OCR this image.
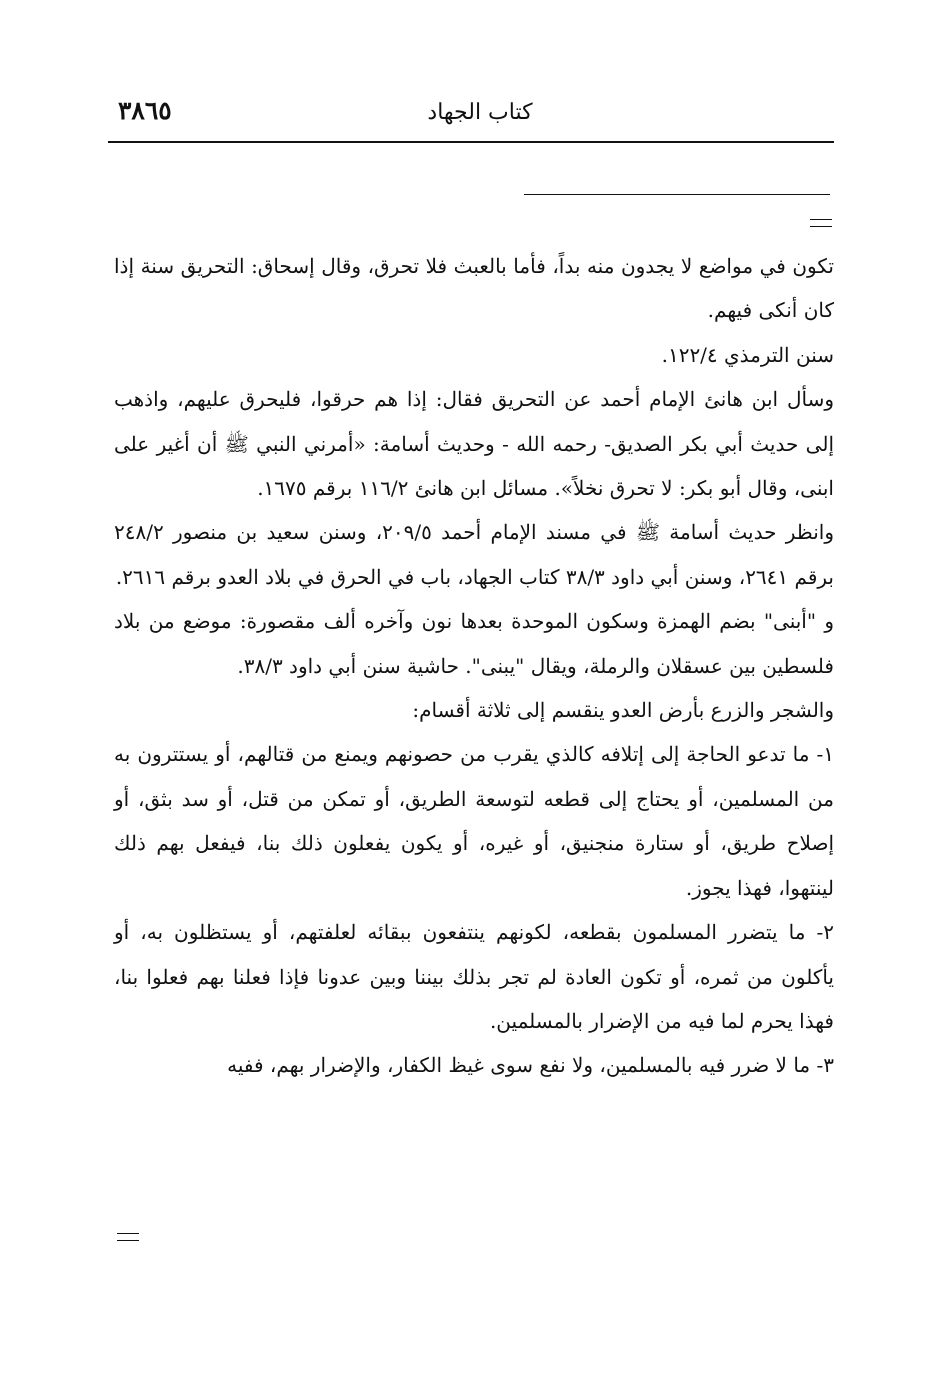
٣٨٦٥	كتاب الجهاد

تكون في مواضع لا يجدون منه بداً، فأما بالعبث فلا تحرق، وقال إسحاق: التحريق سنة إذا كان أنكى فيهم.

سنن الترمذي ١٢٢/٤.

وسأل ابن هانئ الإمام أحمد عن التحريق فقال: إذا هم حرقوا، فليحرق عليهم، واذهب إلى حديث أبي بكر الصديق- رحمه الله - وحديث أسامة: «أمرني النبي ﷺ أن أغير على ابنى، وقال أبو بكر: لا تحرق نخلاً». مسائل ابن هانئ ١١٦/٢ برقم ١٦٧٥.

وانظر حديث أسامة ﷺ في مسند الإمام أحمد ٢٠٩/٥، وسنن سعيد بن منصور ٢٤٨/٢ برقم ٢٦٤١، وسنن أبي داود ٣٨/٣ كتاب الجهاد، باب في الحرق في بلاد العدو برقم ٢٦١٦.

و "أبنى" بضم الهمزة وسكون الموحدة بعدها نون وآخره ألف مقصورة: موضع من بلاد فلسطين بين عسقلان والرملة، ويقال "يبنى". حاشية سنن أبي داود ٣٨/٣.

والشجر والزرع بأرض العدو ينقسم إلى ثلاثة أقسام:

١- ما تدعو الحاجة إلى إتلافه كالذي يقرب من حصونهم ويمنع من قتالهم، أو يستترون به من المسلمين، أو يحتاج إلى قطعه لتوسعة الطريق، أو تمكن من قتل، أو سد بثق، أو إصلاح طريق، أو ستارة منجنيق، أو غيره، أو يكون يفعلون ذلك بنا، فيفعل بهم ذلك لينتهوا، فهذا يجوز.

٢- ما يتضرر المسلمون بقطعه، لكونهم ينتفعون ببقائه لعلفتهم، أو يستظلون به، أو يأكلون من ثمره، أو تكون العادة لم تجر بذلك بيننا وبين عدونا فإذا فعلنا بهم فعلوا بنا، فهذا يحرم لما فيه من الإضرار بالمسلمين.

٣- ما لا ضرر فيه بالمسلمين، ولا نفع سوى غيظ الكفار، والإضرار بهم، ففيه
